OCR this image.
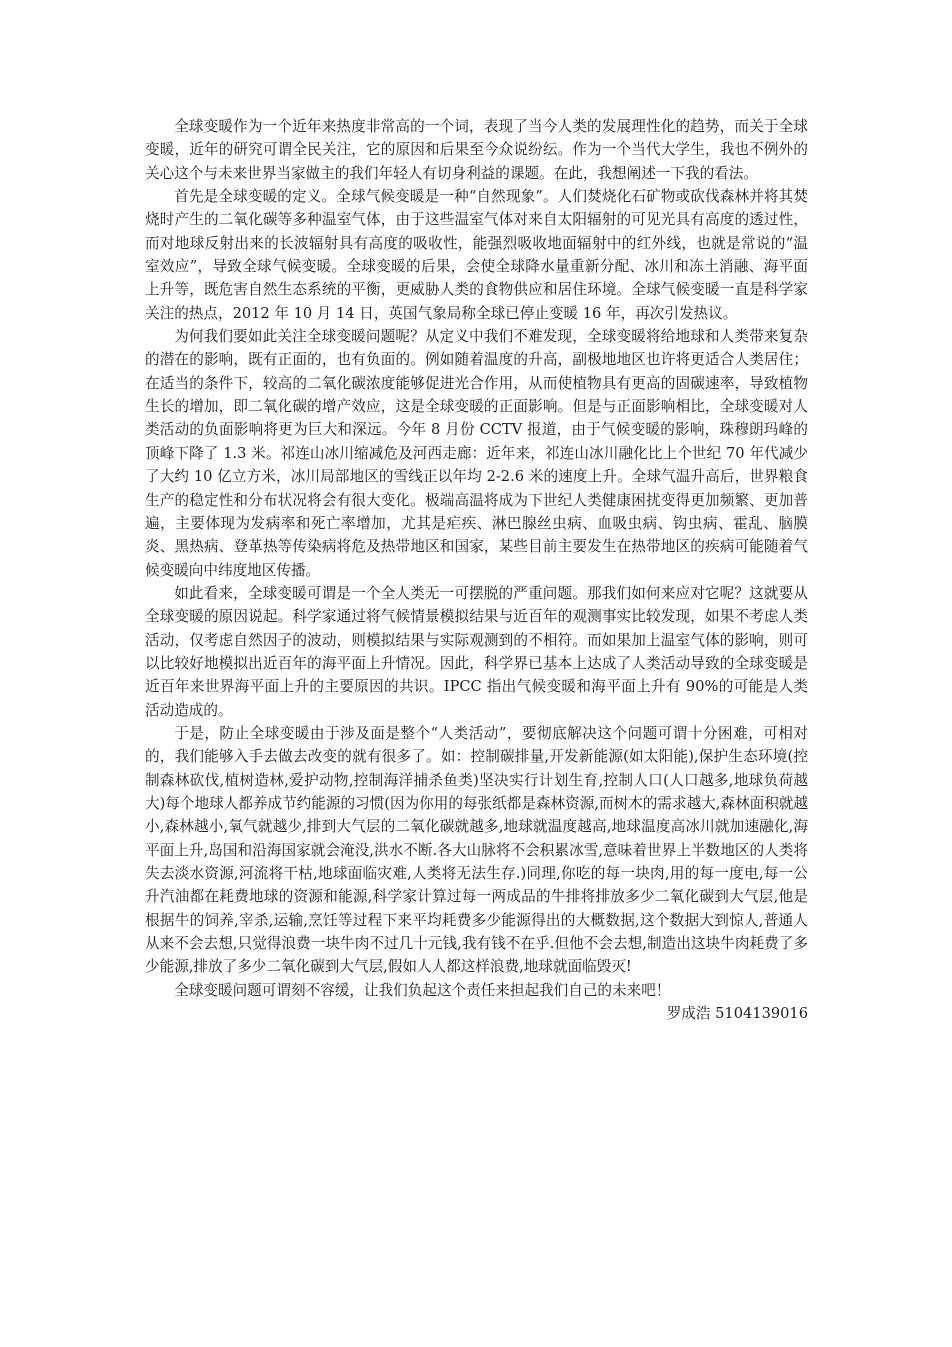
全球变暖作为一个近年来热度非常高的一个词，表现了当今人类的发展理性化的趋势，而关于全球变暖，近年的研究可谓全民关注，它的原因和后果至今众说纷纭。作为一个当代大学生，我也不例外的关心这个与未来世界当家做主的我们年轻人有切身利益的课题。在此，我想阐述一下我的看法。

首先是全球变暖的定义。全球气候变暖是一种“自然现象”。人们焚烧化石矿物或砍伐森林并将其焚烧时产生的二氧化碳等多种温室气体，由于这些温室气体对来自太阳辐射的可见光具有高度的透过性，而对地球反射出来的长波辐射具有高度的吸收性，能强烈吸收地面辐射中的红外线，也就是常说的“温室效应”，导致全球气候变暖。全球变暖的后果，会使全球降水量重新分配、冰川和冻土消融、海平面上升等，既危害自然生态系统的平衡，更威胁人类的食物供应和居住环境。全球气候变暖一直是科学家关注的热点，2012 年 10 月 14 日，英国气象局称全球已停止变暖 16 年，再次引发热议。

为何我们要如此关注全球变暖问题呢？从定义中我们不难发现，全球变暖将给地球和人类带来复杂的潜在的影响，既有正面的，也有负面的。例如随着温度的升高，副极地地区也许将更适合人类居住；在适当的条件下，较高的二氧化碳浓度能够促进光合作用，从而使植物具有更高的固碳速率，导致植物生长的增加，即二氧化碳的增产效应，这是全球变暖的正面影响。但是与正面影响相比，全球变暖对人类活动的负面影响将更为巨大和深远。今年 8 月份 CCTV 报道，由于气候变暖的影响，珠穆朗玛峰的顶峰下降了 1.3 米。祁连山冰川缩减危及河西走廊：近年来，祁连山冰川融化比上个世纪 70 年代减少了大约 10 亿立方米，冰川局部地区的雪线正以年均 2-2.6 米的速度上升。全球气温升高后，世界粮食生产的稳定性和分布状况将会有很大变化。极端高温将成为下世纪人类健康困扰变得更加频繁、更加普遍，主要体现为发病率和死亡率增加，尤其是疟疾、淋巴腺丝虫病、血吸虫病、钩虫病、霍乱、脑膜炎、黑热病、登革热等传染病将危及热带地区和国家，某些目前主要发生在热带地区的疾病可能随着气候变暖向中纬度地区传播。

如此看来，全球变暖可谓是一个全人类无一可摆脱的严重问题。那我们如何来应对它呢？这就要从全球变暖的原因说起。科学家通过将气候情景模拟结果与近百年的观测事实比较发现，如果不考虑人类活动，仅考虑自然因子的波动，则模拟结果与实际观测到的不相符。而如果加上温室气体的影响，则可以比较好地模拟出近百年的海平面上升情况。因此，科学界已基本上达成了人类活动导致的全球变暖是近百年来世界海平面上升的主要原因的共识。IPCC 指出气候变暖和海平面上升有 90%的可能是人类活动造成的。

于是，防止全球变暖由于涉及面是整个“人类活动”，要彻底解决这个问题可谓十分困难，可相对的，我们能够入手去做去改变的就有很多了。如：控制碳排量,开发新能源(如太阳能),保护生态环境(控制森林砍伐,植树造林,爱护动物,控制海洋捕杀鱼类)坚决实行计划生育,控制人口(人口越多,地球负荷越大)每个地球人都养成节约能源的习惯(因为你用的每张纸都是森林资源,而树木的需求越大,森林面积就越小,森林越小,氧气就越少,排到大气层的二氧化碳就越多,地球就温度越高,地球温度高冰川就加速融化,海平面上升,岛国和沿海国家就会淹没,洪水不断.各大山脉将不会积累冰雪,意味着世界上半数地区的人类将失去淡水资源,河流将干枯,地球面临灾难,人类将无法生存.)同理,你吃的每一块肉,用的每一度电,每一公升汽油都在耗费地球的资源和能源,科学家计算过每一两成品的牛排将排放多少二氧化碳到大气层,他是根据牛的饲养,宰杀,运输,烹饪等过程下来平均耗费多少能源得出的大概数据,这个数据大到惊人,普通人从来不会去想,只觉得浪费一块牛肉不过几十元钱,我有钱不在乎.但他不会去想,制造出这块牛肉耗费了多少能源,排放了多少二氧化碳到大气层,假如人人都这样浪费,地球就面临毁灭!

全球变暖问题可谓刻不容缓，让我们负起这个责任来担起我们自己的未来吧！

罗成浩 5104139016
